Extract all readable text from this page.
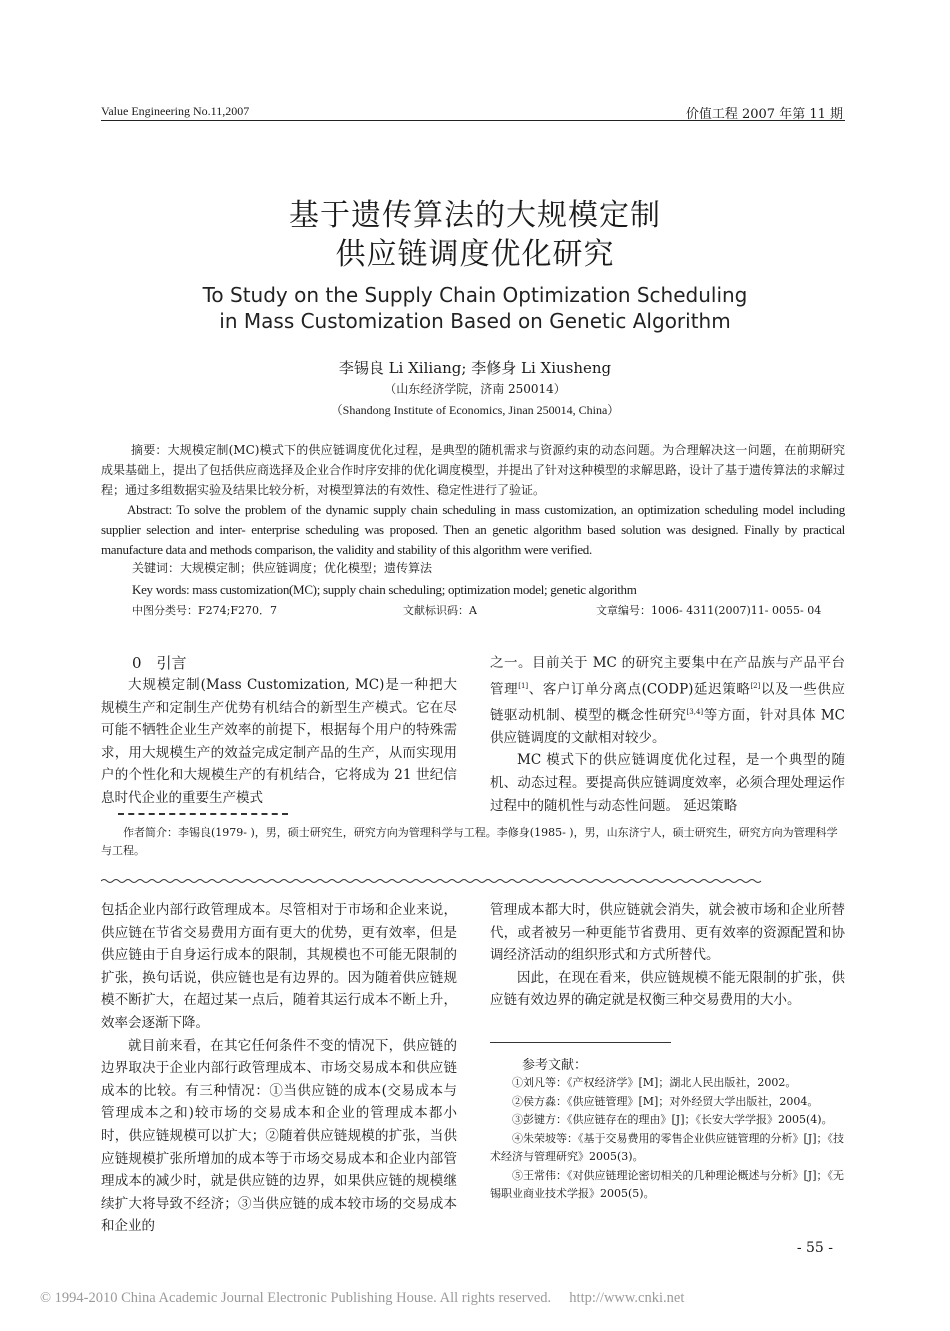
Value Engineering No.11,2007	价值工程 2007 年第 11 期
基于遗传算法的大规模定制
供应链调度优化研究
To Study on the Supply Chain Optimization Scheduling
in Mass Customization Based on Genetic Algorithm
李锡良 Li Xiliang; 李修身 Li Xiusheng
（山东经济学院，济南 250014）
（Shandong Institute of Economics, Jinan 250014, China）
摘要：大规模定制(MC)模式下的供应链调度优化过程，是典型的随机需求与资源约束的动态问题。为合理解决这一问题，在前期研究成果基础上，提出了包括供应商选择及企业合作时序安排的优化调度模型，并提出了针对这种模型的求解思路，设计了基于遗传算法的求解过程；通过多组数据实验及结果比较分析，对模型算法的有效性、稳定性进行了验证。
Abstract: To solve the problem of the dynamic supply chain scheduling in mass customization, an optimization scheduling model including supplier selection and inter- enterprise scheduling was proposed. Then an genetic algorithm based solution was designed. Finally by practical manufacture data and methods comparison, the validity and stability of this algorithm were verified.
关键词：大规模定制；供应链调度；优化模型；遗传算法
Key words: mass customization(MC); supply chain scheduling; optimization model; genetic algorithm
中图分类号：F274;F270．7	文献标识码：A	文章编号：1006- 4311(2007)11- 0055- 04
0　引言

大规模定制(Mass Customization, MC)是一种把大规模生产和定制生产优势有机结合的新型生产模式。它在尽可能不牺牲企业生产效率的前提下，根据每个用户的特殊需求，用大规模生产的效益完成定制产品的生产，从而实现用户的个性化和大规模生产的有机结合，它将成为 21 世纪信息时代企业的重要生产模式

之一。目前关于 MC 的研究主要集中在产品族与产品平台管理[1]、客户订单分离点(CODP)延迟策略[2]以及一些供应链驱动机制、模型的概念性研究[3,4]等方面，针对具体 MC 供应链调度的文献相对较少。

MC 模式下的供应链调度优化过程，是一个典型的随机、动态过程。要提高供应链调度效率，必须合理处理运作过程中的随机性与动态性问题。 延迟策略

作者简介：李锡良(1979- )，男，硕士研究生，研究方向为管理科学与工程。李修身(1985- )，男，山东济宁人，硕士研究生，研究方向为管理科学与工程。

包括企业内部行政管理成本。尽管相对于市场和企业来说，供应链在节省交易费用方面有更大的优势，更有效率，但是供应链由于自身运行成本的限制，其规模也不可能无限制的扩张，换句话说，供应链也是有边界的。因为随着供应链规模不断扩大，在超过某一点后，随着其运行成本不断上升，效率会逐渐下降。

就目前来看，在其它任何条件不变的情况下，供应链的边界取决于企业内部行政管理成本、市场交易成本和供应链成本的比较。有三种情况：①当供应链的成本(交易成本与管理成本之和)较市场的交易成本和企业的管理成本都小时，供应链规模可以扩大；②随着供应链规模的扩张，当供应链规模扩张所增加的成本等于市场交易成本和企业内部管理成本的减少时，就是供应链的边界，如果供应链的规模继续扩大将导致不经济；③当供应链的成本较市场的交易成本和企业的

管理成本都大时，供应链就会消失，就会被市场和企业所替代，或者被另一种更能节省费用、更有效率的资源配置和协调经济活动的组织形式和方式所替代。

因此，在现在看来，供应链规模不能无限制的扩张，供应链有效边界的确定就是权衡三种交易费用的大小。

参考文献：
①刘凡等：《产权经济学》[M]；湖北人民出版社，2002。
②侯方淼：《供应链管理》[M]；对外经贸大学出版社，2004。
③彭键方：《供应链存在的理由》[J]；《长安大学学报》2005(4)。
④朱荣坡等：《基于交易费用的零售企业供应链管理的分析》[J]；《技术经济与管理研究》2005(3)。
⑤王常伟：《对供应链理论密切相关的几种理论概述与分析》[J]；《无锡职业商业技术学报》2005(5)。
- 55 -
© 1994-2010 China Academic Journal Electronic Publishing House. All rights reserved.　 http://www.cnki.net
